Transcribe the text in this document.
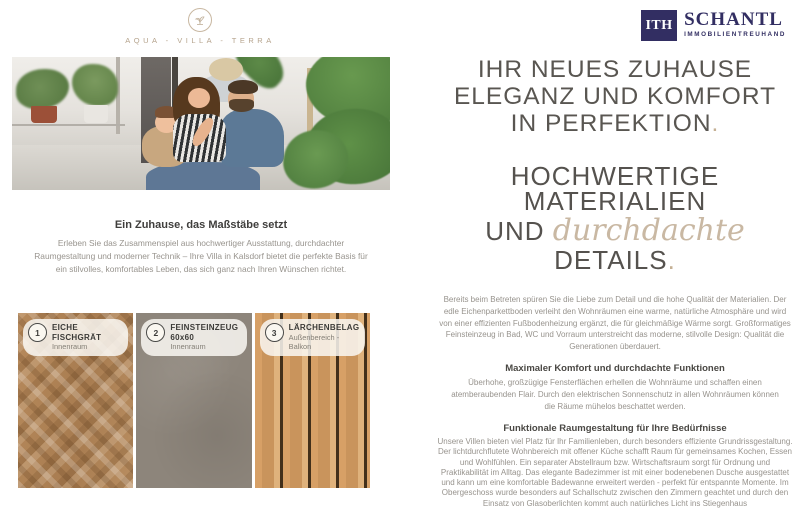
AQUA - VILLA - TERRA
ITH SCHANTL
IMMOBILIENTREUHAND
Ein Zuhause, das Maßstäbe setzt
Erleben Sie das Zusammenspiel aus hochwertiger Ausstattung, durchdachter Raumgestaltung und moderner Technik – Ihre Villa in Kalsdorf bietet die perfekte Basis für ein stilvolles, komfortables Leben, das sich ganz nach Ihren Wünschen richtet.
1	EICHE FISCHGRÄT
Innenraum
2	FEINSTEINZEUG 60x60
Innenraum
3	LÄRCHENBELAG
Außenbereich - Balkon
IHR NEUES ZUHAUSE
ELEGANZ UND KOMFORT
IN PERFEKTION.
HOCHWERTIGE
MATERIALIEN
UND durchdachte
DETAILS.
Bereits beim Betreten spüren Sie die Liebe zum Detail und die hohe Qualität der Materialien. Der edle Eichenparkettboden verleiht den Wohnräumen eine warme, natürliche Atmosphäre und wird von einer effizienten Fußbodenheizung ergänzt, die für gleichmäßige Wärme sorgt. Großformatiges Feinsteinzeug in Bad, WC und Vorraum unterstreicht das moderne, stilvolle Design: Qualität die Generationen überdauert.
Maximaler Komfort und durchdachte Funktionen
Überhohe, großzügige Fensterflächen erhellen die Wohnräume und schaffen einen atemberaubenden Flair. Durch den elektrischen Sonnenschutz in allen Wohnräumen können die Räume mühelos beschattet werden.
Funktionale Raumgestaltung für Ihre Bedürfnisse
Unsere Villen bieten viel Platz für Ihr Familienleben, durch besonders effiziente Grundrissgestaltung. Der lichtdurchflutete Wohnbereich mit offener Küche schafft Raum für gemeinsames Kochen, Essen und Wohlfühlen. Ein separater Abstellraum bzw. Wirtschaftsraum sorgt für Ordnung und Praktikabilität im Alltag. Das elegante Badezimmer ist mit einer bodenebenen Dusche ausgestattet und kann um eine komfortable Badewanne erweitert werden - perfekt für entspannte Momente. Im Obergeschoss wurde besonders auf Schallschutz zwischen den Zimmern geachtet und durch den Einsatz von Glasoberlichten kommt auch natürliches Licht ins Stiegenhaus
